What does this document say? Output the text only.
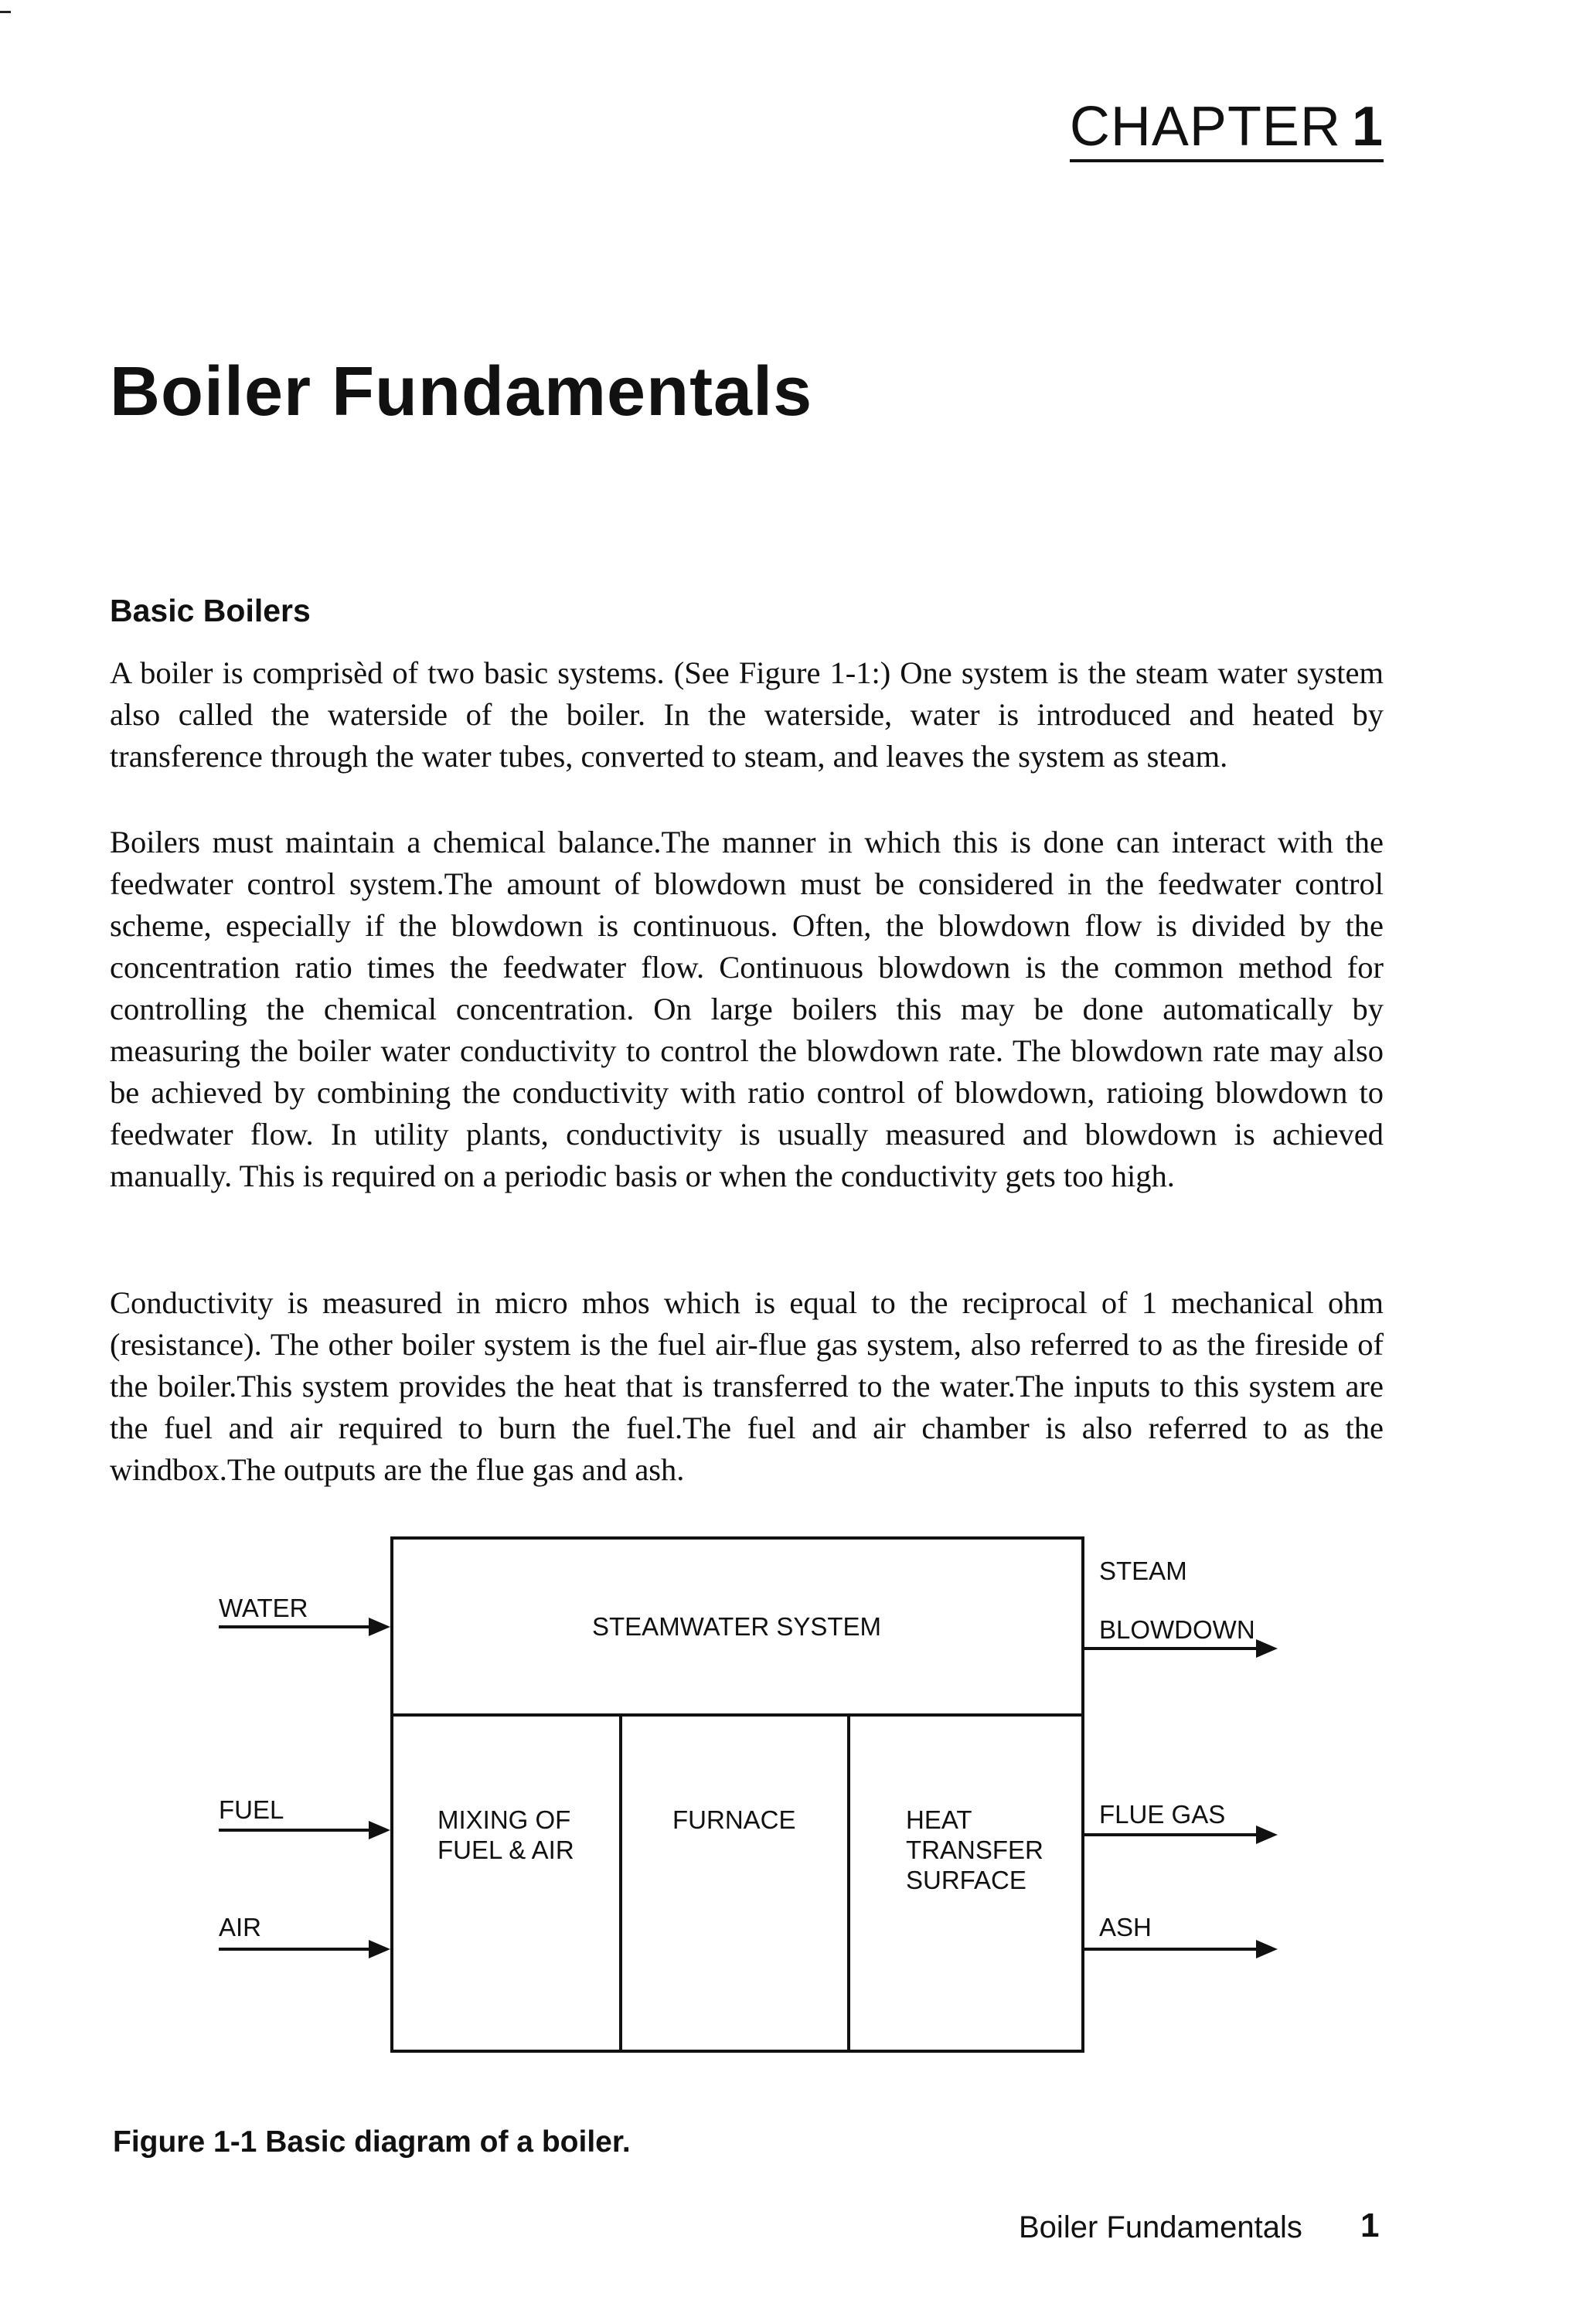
CHAPTER 1
Boiler Fundamentals
Basic Boilers

A boiler is comprisèd of two basic systems. (See Figure 1-1:) One system is the steam water system also called the waterside of the boiler. In the waterside, water is introduced and heated by transference through the water tubes, converted to steam, and leaves the system as steam.

Boilers must maintain a chemical balance.The manner in which this is done can interact with the feedwater control system.The amount of blowdown must be considered in the feedwater control scheme, especially if the blowdown is continuous. Often, the blowdown flow is divided by the concentration ratio times the feedwater flow. Continuous blowdown is the common method for controlling the chemical concentration. On large boilers this may be done automatically by measuring the boiler water conductivity to control the blowdown rate. The blowdown rate may also be achieved by combining the conductivity with ratio control of blowdown, ratioing blowdown to feedwater flow. In utility plants, conductivity is usually measured and blowdown is achieved manually. This is required on a periodic basis or when the conductivity gets too high.

Conductivity is measured in micro mhos which is equal to the reciprocal of 1 mechanical ohm (resistance). The other boiler system is the fuel air-flue gas system, also referred to as the fireside of the boiler.This system provides the heat that is transferred to the water.The inputs to this system are the fuel and air required to burn the fuel.The fuel and air chamber is also referred to as the windbox.The outputs are the flue gas and ash.

WATER
FUEL
AIR
STEAMWATER SYSTEM
MIXING OF
FUEL & AIR
FURNACE	HEAT
TRANSFER
SURFACE
STEAM
BLOWDOWN
FLUE GAS
ASH

Figure 1-1 Basic diagram of a boiler.

Boiler Fundamentals 1
